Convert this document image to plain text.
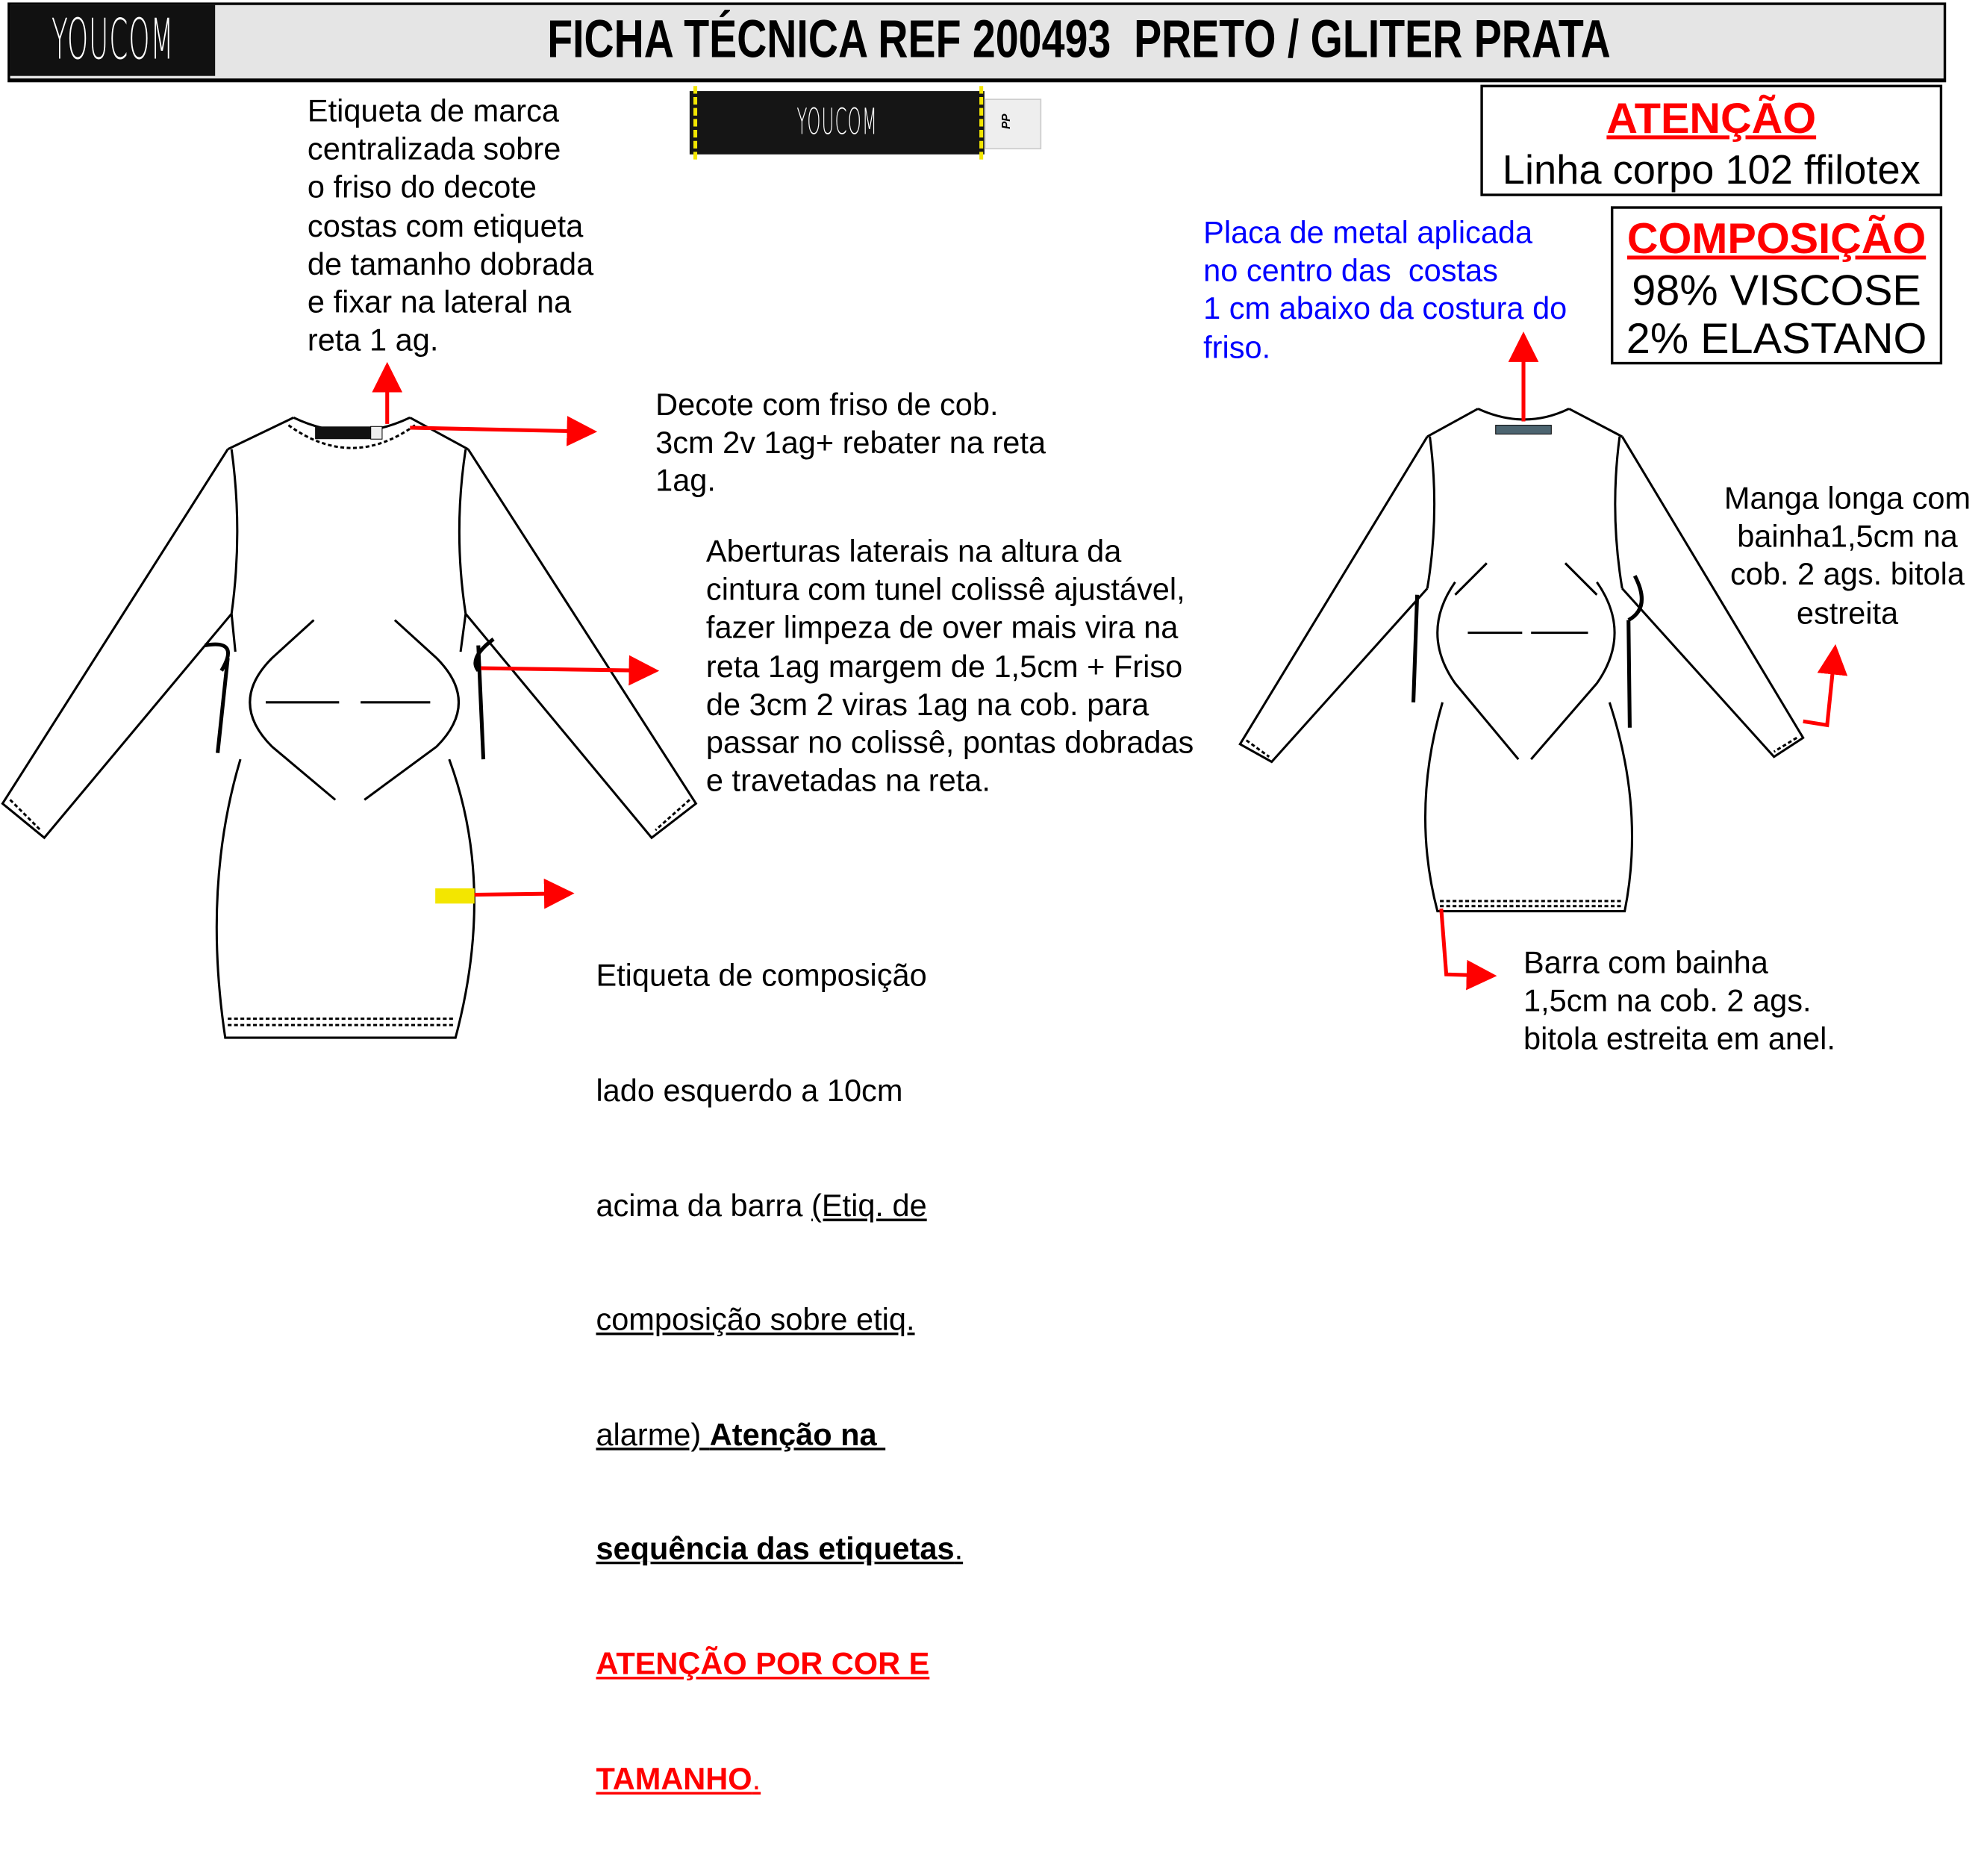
YOUCOM	FICHA TÉCNICA REF 200493  PRETO / GLITER PRATA
YOUCOM	PP
Etiqueta de marca
centralizada sobre
o friso do decote
costas com etiqueta
de tamanho dobrada
e fixar na lateral na
reta 1 ag.
Decote com friso de cob.
3cm 2v 1ag+ rebater na reta
1ag.
Aberturas laterais na altura da
cintura com tunel colissê ajustável,
fazer limpeza de over mais vira na
reta 1ag margem de 1,5cm + Friso
de 3cm 2 viras 1ag na cob. para
passar no colissê, pontas dobradas
e travetadas na reta.
Placa de metal aplicada
no centro das  costas
1 cm abaixo da costura do
friso.
Manga longa com
bainha1,5cm na
cob. 2 ags. bitola
estreita
Barra com bainha
1,5cm na cob. 2 ags.
bitola estreita em anel.

Etiqueta de composição

lado esquerdo a 10cm

acima da barra (Etiq. de

composição sobre etiq.

alarme) Atenção na

sequência das etiquetas.

ATENÇÃO POR COR E

TAMANHO.

ATENÇÃO
Linha corpo 102 ffilotex
COMPOSIÇÃO
98% VISCOSE
2% ELASTANO
